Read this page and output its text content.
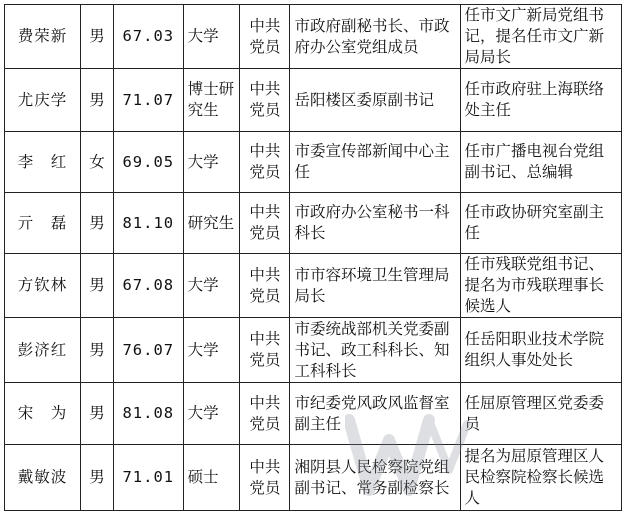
费荣新	男	67.03	大学	中共党员	市政府副秘书长、市政府办公室党组成员	任市文广新局党组书记，提名任市文广新局局长
尤庆学	男	71.07	博士研究生	中共党员	岳阳楼区委原副书记	任市政府驻上海联络处主任
李　红	女	69.05	大学	中共党员	市委宣传部新闻中心主任	任市广播电视台党组副书记、总编辑
亓　磊	男	81.10	研究生	中共党员	市政府办公室秘书一科科长	任市政协研究室副主任
方钦林	男	67.08	大学	中共党员	市市容环境卫生管理局局长	任市残联党组书记、提名为市残联理事长候选人
彭济红	男	76.07	大学	中共党员	市委统战部机关党委副书记、政工科科长、知工科科长	任岳阳职业技术学院组织人事处处长
宋　为	男	81.08	大学	中共党员	市纪委党风政风监督室副主任	任屈原管理区党委委员
戴敏波	男	71.01	硕士	中共党员	湘阴县人民检察院党组副书记、常务副检察长	提名为屈原管理区人民检察院检察长候选人
